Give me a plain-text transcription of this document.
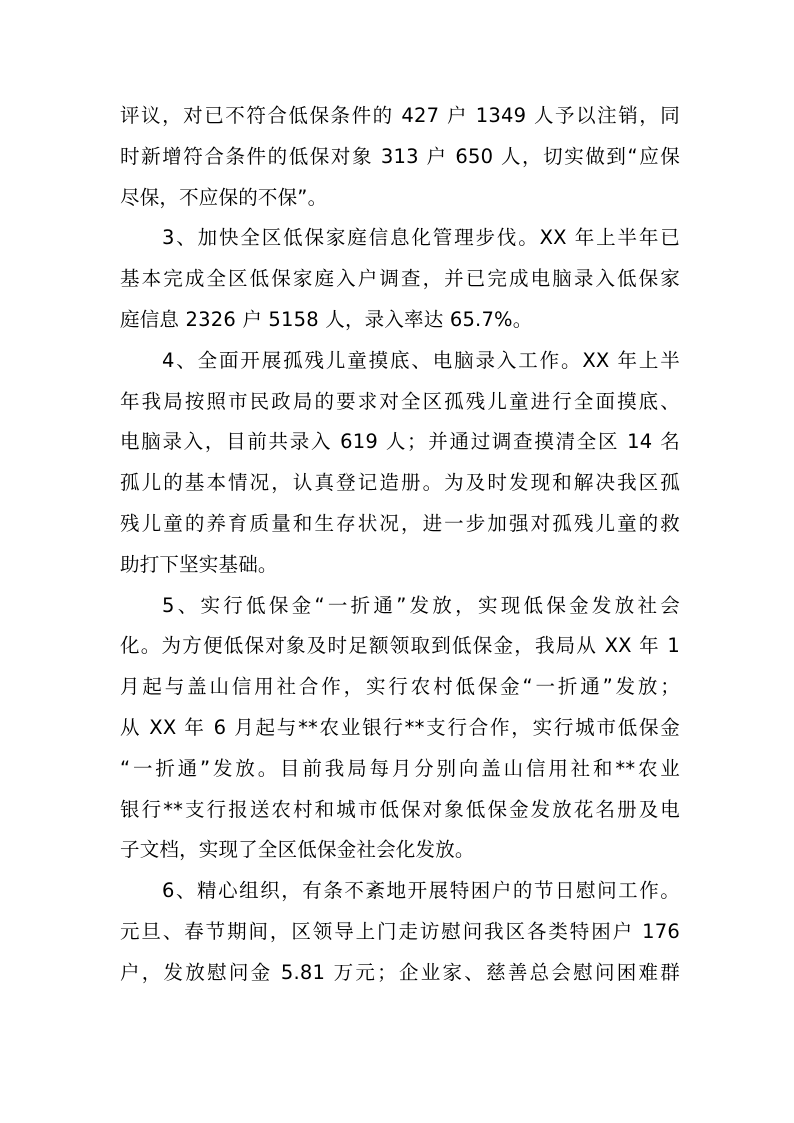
评议，对已不符合低保条件的 427 户 1349 人予以注销，同
时新增符合条件的低保对象 313 户 650 人，切实做到“应保
尽保，不应保的不保”。
3、加快全区低保家庭信息化管理步伐。XX 年上半年已
基本完成全区低保家庭入户调查，并已完成电脑录入低保家
庭信息 2326 户 5158 人，录入率达 65.7%。
4、全面开展孤残儿童摸底、电脑录入工作。XX 年上半
年我局按照市民政局的要求对全区孤残儿童进行全面摸底、
电脑录入，目前共录入 619 人；并通过调查摸清全区 14 名
孤儿的基本情况，认真登记造册。为及时发现和解决我区孤
残儿童的养育质量和生存状况，进一步加强对孤残儿童的救
助打下坚实基础。
5、实行低保金“一折通”发放，实现低保金发放社会
化。为方便低保对象及时足额领取到低保金，我局从 XX 年 1
月起与盖山信用社合作，实行农村低保金“一折通”发放；
从 XX 年 6 月起与**农业银行**支行合作，实行城市低保金
“一折通”发放。目前我局每月分别向盖山信用社和**农业
银行**支行报送农村和城市低保对象低保金发放花名册及电
子文档，实现了全区低保金社会化发放。
6、精心组织，有条不紊地开展特困户的节日慰问工作。
元旦、春节期间，区领导上门走访慰问我区各类特困户 176
户，发放慰问金 5.81 万元；企业家、慈善总会慰问困难群
